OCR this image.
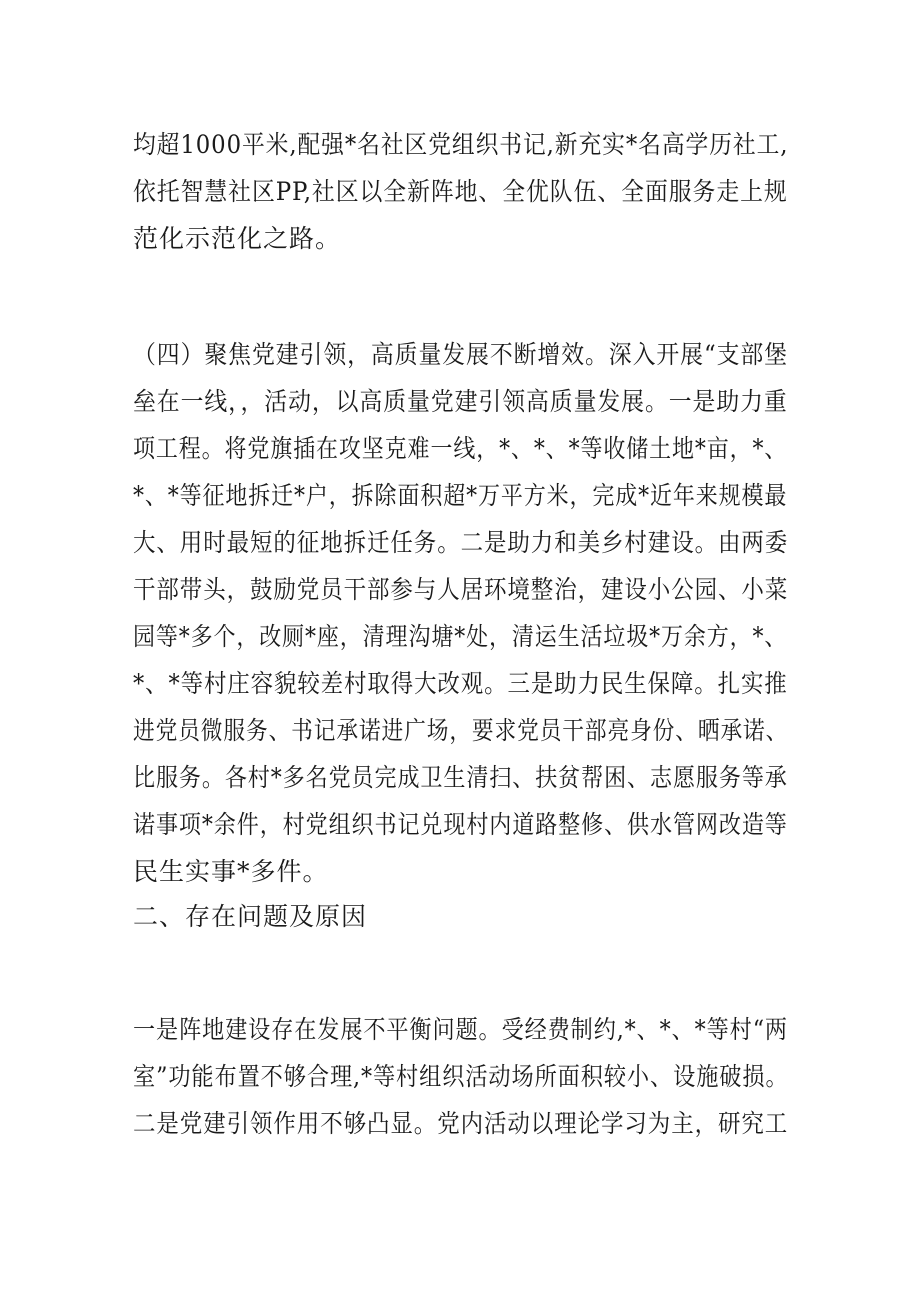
均超1000平米,配强*名社区党组织书记,新充实*名高学历社工,
依托智慧社区PP,社区以全新阵地、全优队伍、全面服务走上规
范化示范化之路。
（四）聚焦党建引领，高质量发展不断增效。深入开展“支部堡
垒在一线，，活动，以高质量党建引领高质量发展。一是助力重
项工程。将党旗插在攻坚克难一线，*、*、*等收储土地*亩，*、
*、*等征地拆迁*户，拆除面积超*万平方米，完成*近年来规模最
大、用时最短的征地拆迁任务。二是助力和美乡村建设。由两委
干部带头，鼓励党员干部参与人居环境整治，建设小公园、小菜
园等*多个，改厕*座，清理沟塘*处，清运生活垃圾*万余方，*、
*、*等村庄容貌较差村取得大改观。三是助力民生保障。扎实推
进党员微服务、书记承诺进广场，要求党员干部亮身份、晒承诺、
比服务。各村*多名党员完成卫生清扫、扶贫帮困、志愿服务等承
诺事项*余件，村党组织书记兑现村内道路整修、供水管网改造等
民生实事*多件。
二、存在问题及原因
一是阵地建设存在发展不平衡问题。受经费制约,*、*、*等村“两
室”功能布置不够合理,*等村组织活动场所面积较小、设施破损。
二是党建引领作用不够凸显。党内活动以理论学习为主，研究工
